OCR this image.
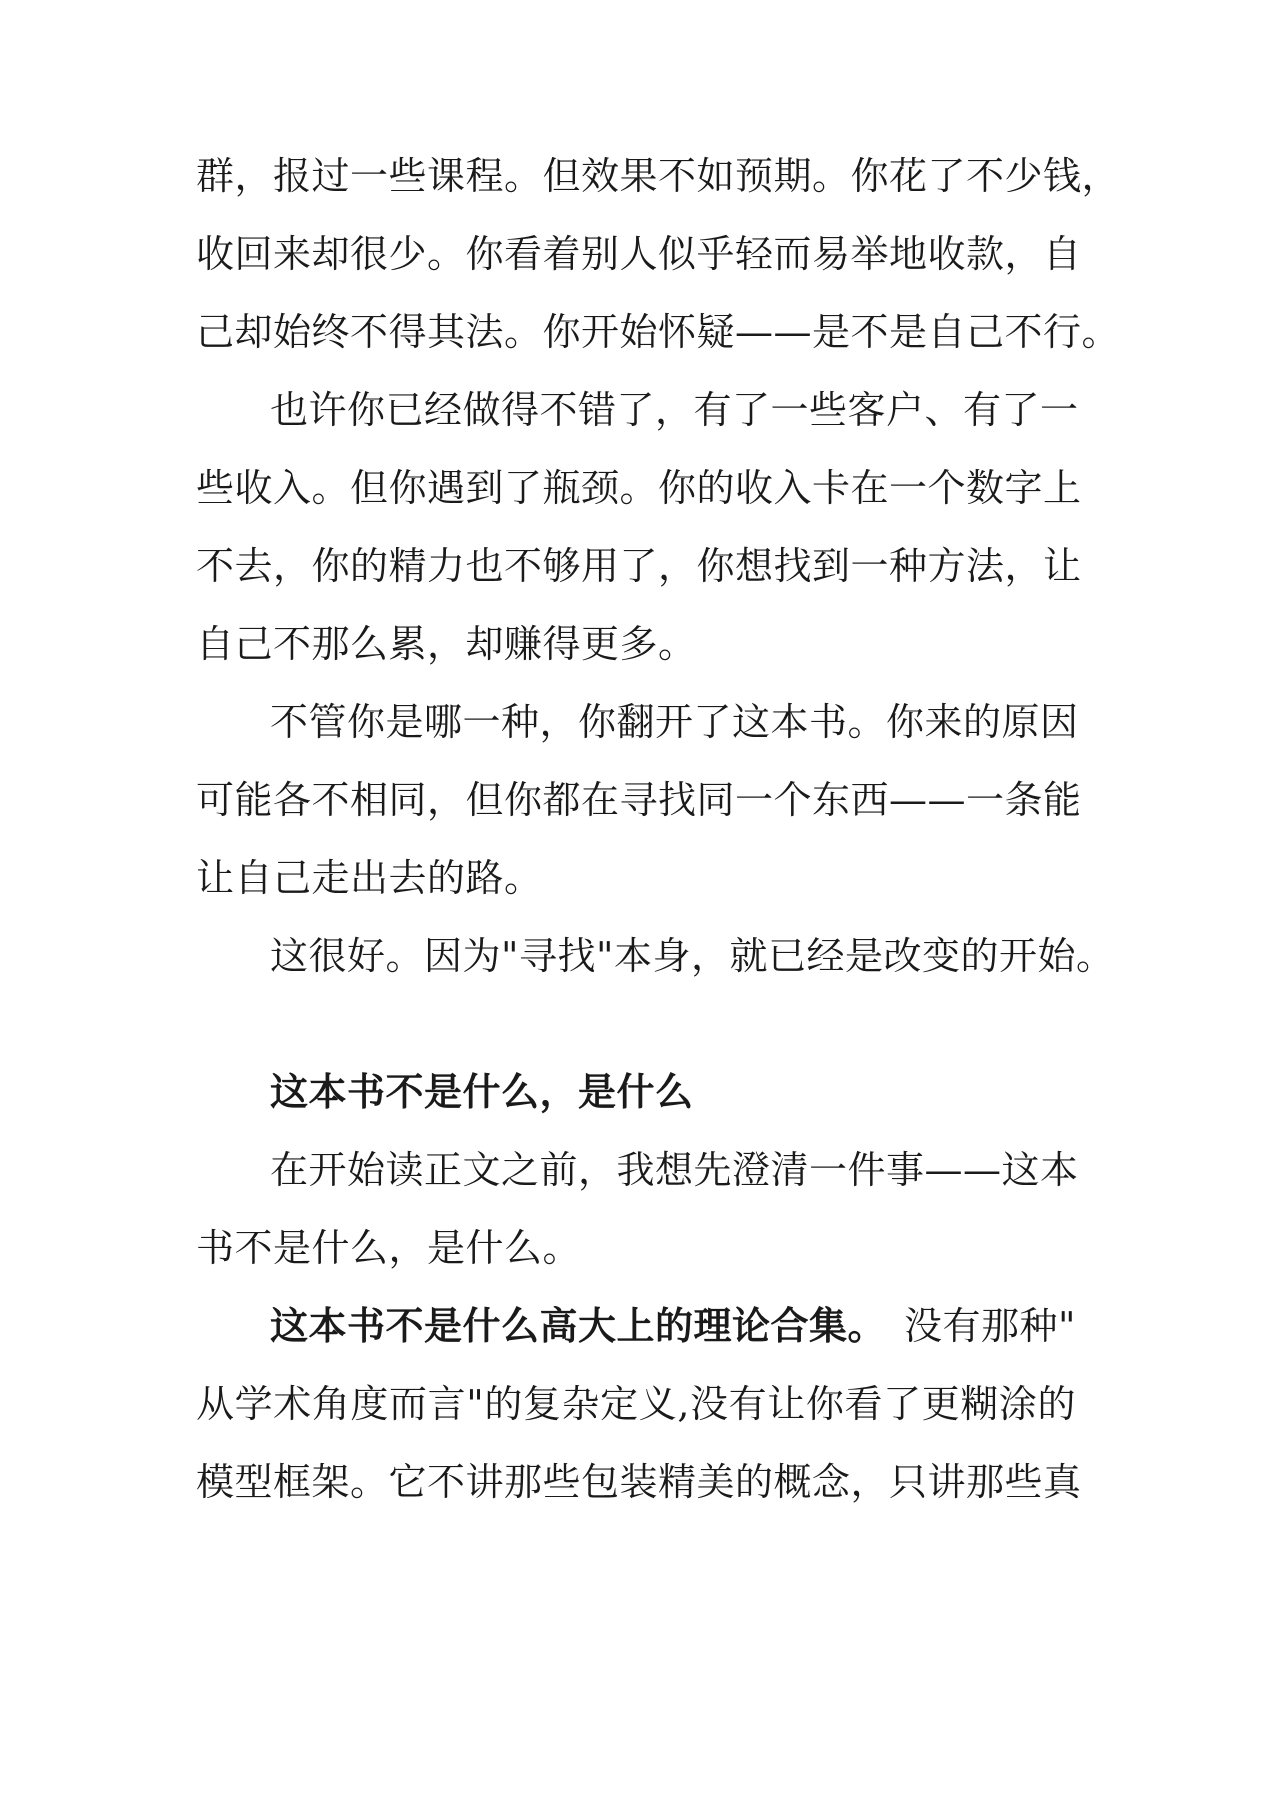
群，报过一些课程。但效果不如预期。你花了不少钱，
收回来却很少。你看着别人似乎轻而易举地收款，自
己却始终不得其法。你开始怀疑——是不是自己不行。
也许你已经做得不错了，有了一些客户、有了一
些收入。但你遇到了瓶颈。你的收入卡在一个数字上
不去，你的精力也不够用了，你想找到一种方法，让
自己不那么累，却赚得更多。
不管你是哪一种，你翻开了这本书。你来的原因
可能各不相同，但你都在寻找同一个东西——一条能
让自己走出去的路。
这很好。因为"寻找"本身，就已经是改变的开始。
这本书不是什么，是什么
在开始读正文之前，我想先澄清一件事——这本
书不是什么，是什么。
这本书不是什么高大上的理论合集。 没有那种"
从学术角度而言"的复杂定义,没有让你看了更糊涂的
模型框架。它不讲那些包装精美的概念，只讲那些真
